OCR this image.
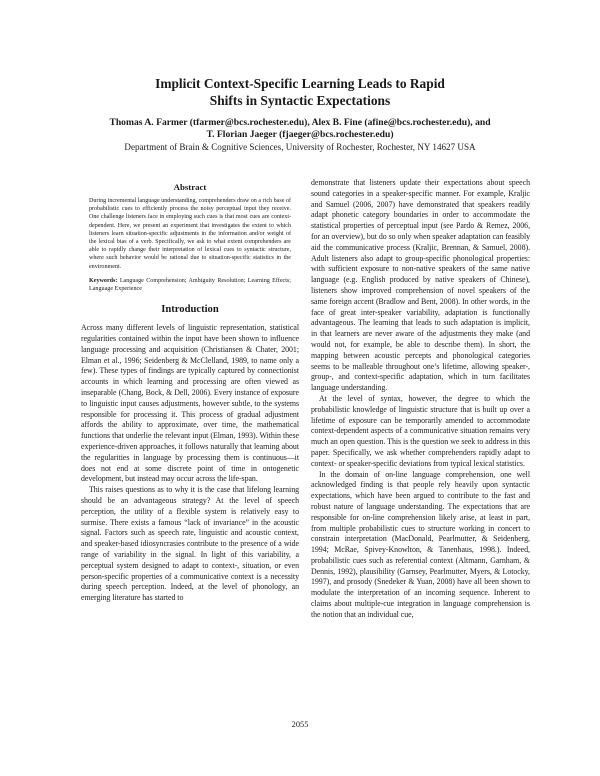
Implicit Context-Specific Learning Leads to Rapid
Shifts in Syntactic Expectations
Thomas A. Farmer (tfarmer@bcs.rochester.edu), Alex B. Fine (afine@bcs.rochester.edu), and
T. Florian Jaeger (fjaeger@bcs.rochester.edu)
Department of Brain & Cognitive Sciences, University of Rochester, Rochester, NY 14627 USA
Abstract

During incremental language understanding, comprehenders draw on a rich base of probabilistic cues to efficiently process the noisy perceptual input they receive. One challenge listeners face in employing such cues is that most cues are context-dependent. Here, we present an experiment that investigates the extent to which listeners learn situation-specific adjustments in the information and/or weight of the lexical bias of a verb. Specifically, we ask to what extent comprehenders are able to rapidly change their interpretation of lexical cues to syntactic structure, where such behavior would be rational due to situation-specific statistics in the environment.

Keywords: Language Comprehension; Ambiguity Resolution; Learning Effects; Language Experience

Introduction

Across many different levels of linguistic representation, statistical regularities contained within the input have been shown to influence language processing and acquisition (Christiansen & Chater, 2001; Elman et al., 1996; Seidenberg & McClelland, 1989, to name only a few). These types of findings are typically captured by connectionist accounts in which learning and processing are often viewed as inseparable (Chang, Bock, & Dell, 2006). Every instance of exposure to linguistic input causes adjustments, however subtle, to the systems responsible for processing it. This process of gradual adjustment affords the ability to approximate, over time, the mathematical functions that underlie the relevant input (Elman, 1993). Within these experience-driven approaches, it follows naturally that learning about the regularities in language by processing them is continuous—it does not end at some discrete point of time in ontogenetic development, but instead may occur across the life-span.

This raises questions as to why it is the case that lifelong learning should be an advantageous strategy? At the level of speech perception, the utility of a flexible system is relatively easy to surmise. There exists a famous “lack of invariance” in the acoustic signal. Factors such as speech rate, linguistic and acoustic context, and speaker-based idiosyncrasies contribute to the presence of a wide range of variability in the signal. In light of this variability, a perceptual system designed to adapt to context-, situation, or even person-specific properties of a communicative context is a necessity during speech perception. Indeed, at the level of phonology, an emerging literature has started to

demonstrate that listeners update their expectations about speech sound categories in a speaker-specific manner. For example, Kraljic and Samuel (2006, 2007) have demonstrated that speakers readily adapt phonetic category boundaries in order to accommodate the statistical properties of perceptual input (see Pardo & Remez, 2006, for an overview), but do so only when speaker adaptation can feasibly aid the communicative process (Kraljic, Brennan, & Samuel, 2008). Adult listeners also adapt to group-specific phonological properties: with sufficient exposure to non-native speakers of the same native language (e.g. English produced by native speakers of Chinese), listeners show improved comprehension of novel speakers of the same foreign accent (Bradlow and Bent, 2008). In other words, in the face of great inter-speaker variability, adaptation is functionally advantageous. The learning that leads to such adaptation is implicit, in that learners are never aware of the adjustments they make (and would not, for example, be able to describe them). In short, the mapping between acoustic percepts and phonological categories seems to be malleable throughout one’s lifetime, allowing speaker-, group-, and context-specific adaptation, which in turn facilitates language understanding.

At the level of syntax, however, the degree to which the probabilistic knowledge of linguistic structure that is built up over a lifetime of exposure can be temporarily amended to accommodate context-dependent aspects of a communicative situation remains very much an open question. This is the question we seek to address in this paper. Specifically, we ask whether comprehenders rapidly adapt to context- or speaker-specific deviations from typical lexical statistics.

In the domain of on-line language comprehension, one well acknowledged finding is that people rely heavily upon syntactic expectations, which have been argued to contribute to the fast and robust nature of language understanding. The expectations that are responsible for on-line comprehension likely arise, at least in part, from multiple probabilistic cues to structure working in concert to constrain interpretation (MacDonald, Pearlmutter, & Seidenberg, 1994; McRae, Spivey-Knowlton, & Tanenhaus, 1998.). Indeed, probabilistic cues such as referential context (Altmann, Garnham, & Dennis, 1992), plausibility (Garnsey, Pearlmutter, Myers, & Lotocky, 1997), and prosody (Snedeker & Yuan, 2008) have all been shown to modulate the interpretation of an incoming sequence. Inherent to claims about multiple-cue integration in language comprehension is the notion that an individual cue,

2055
